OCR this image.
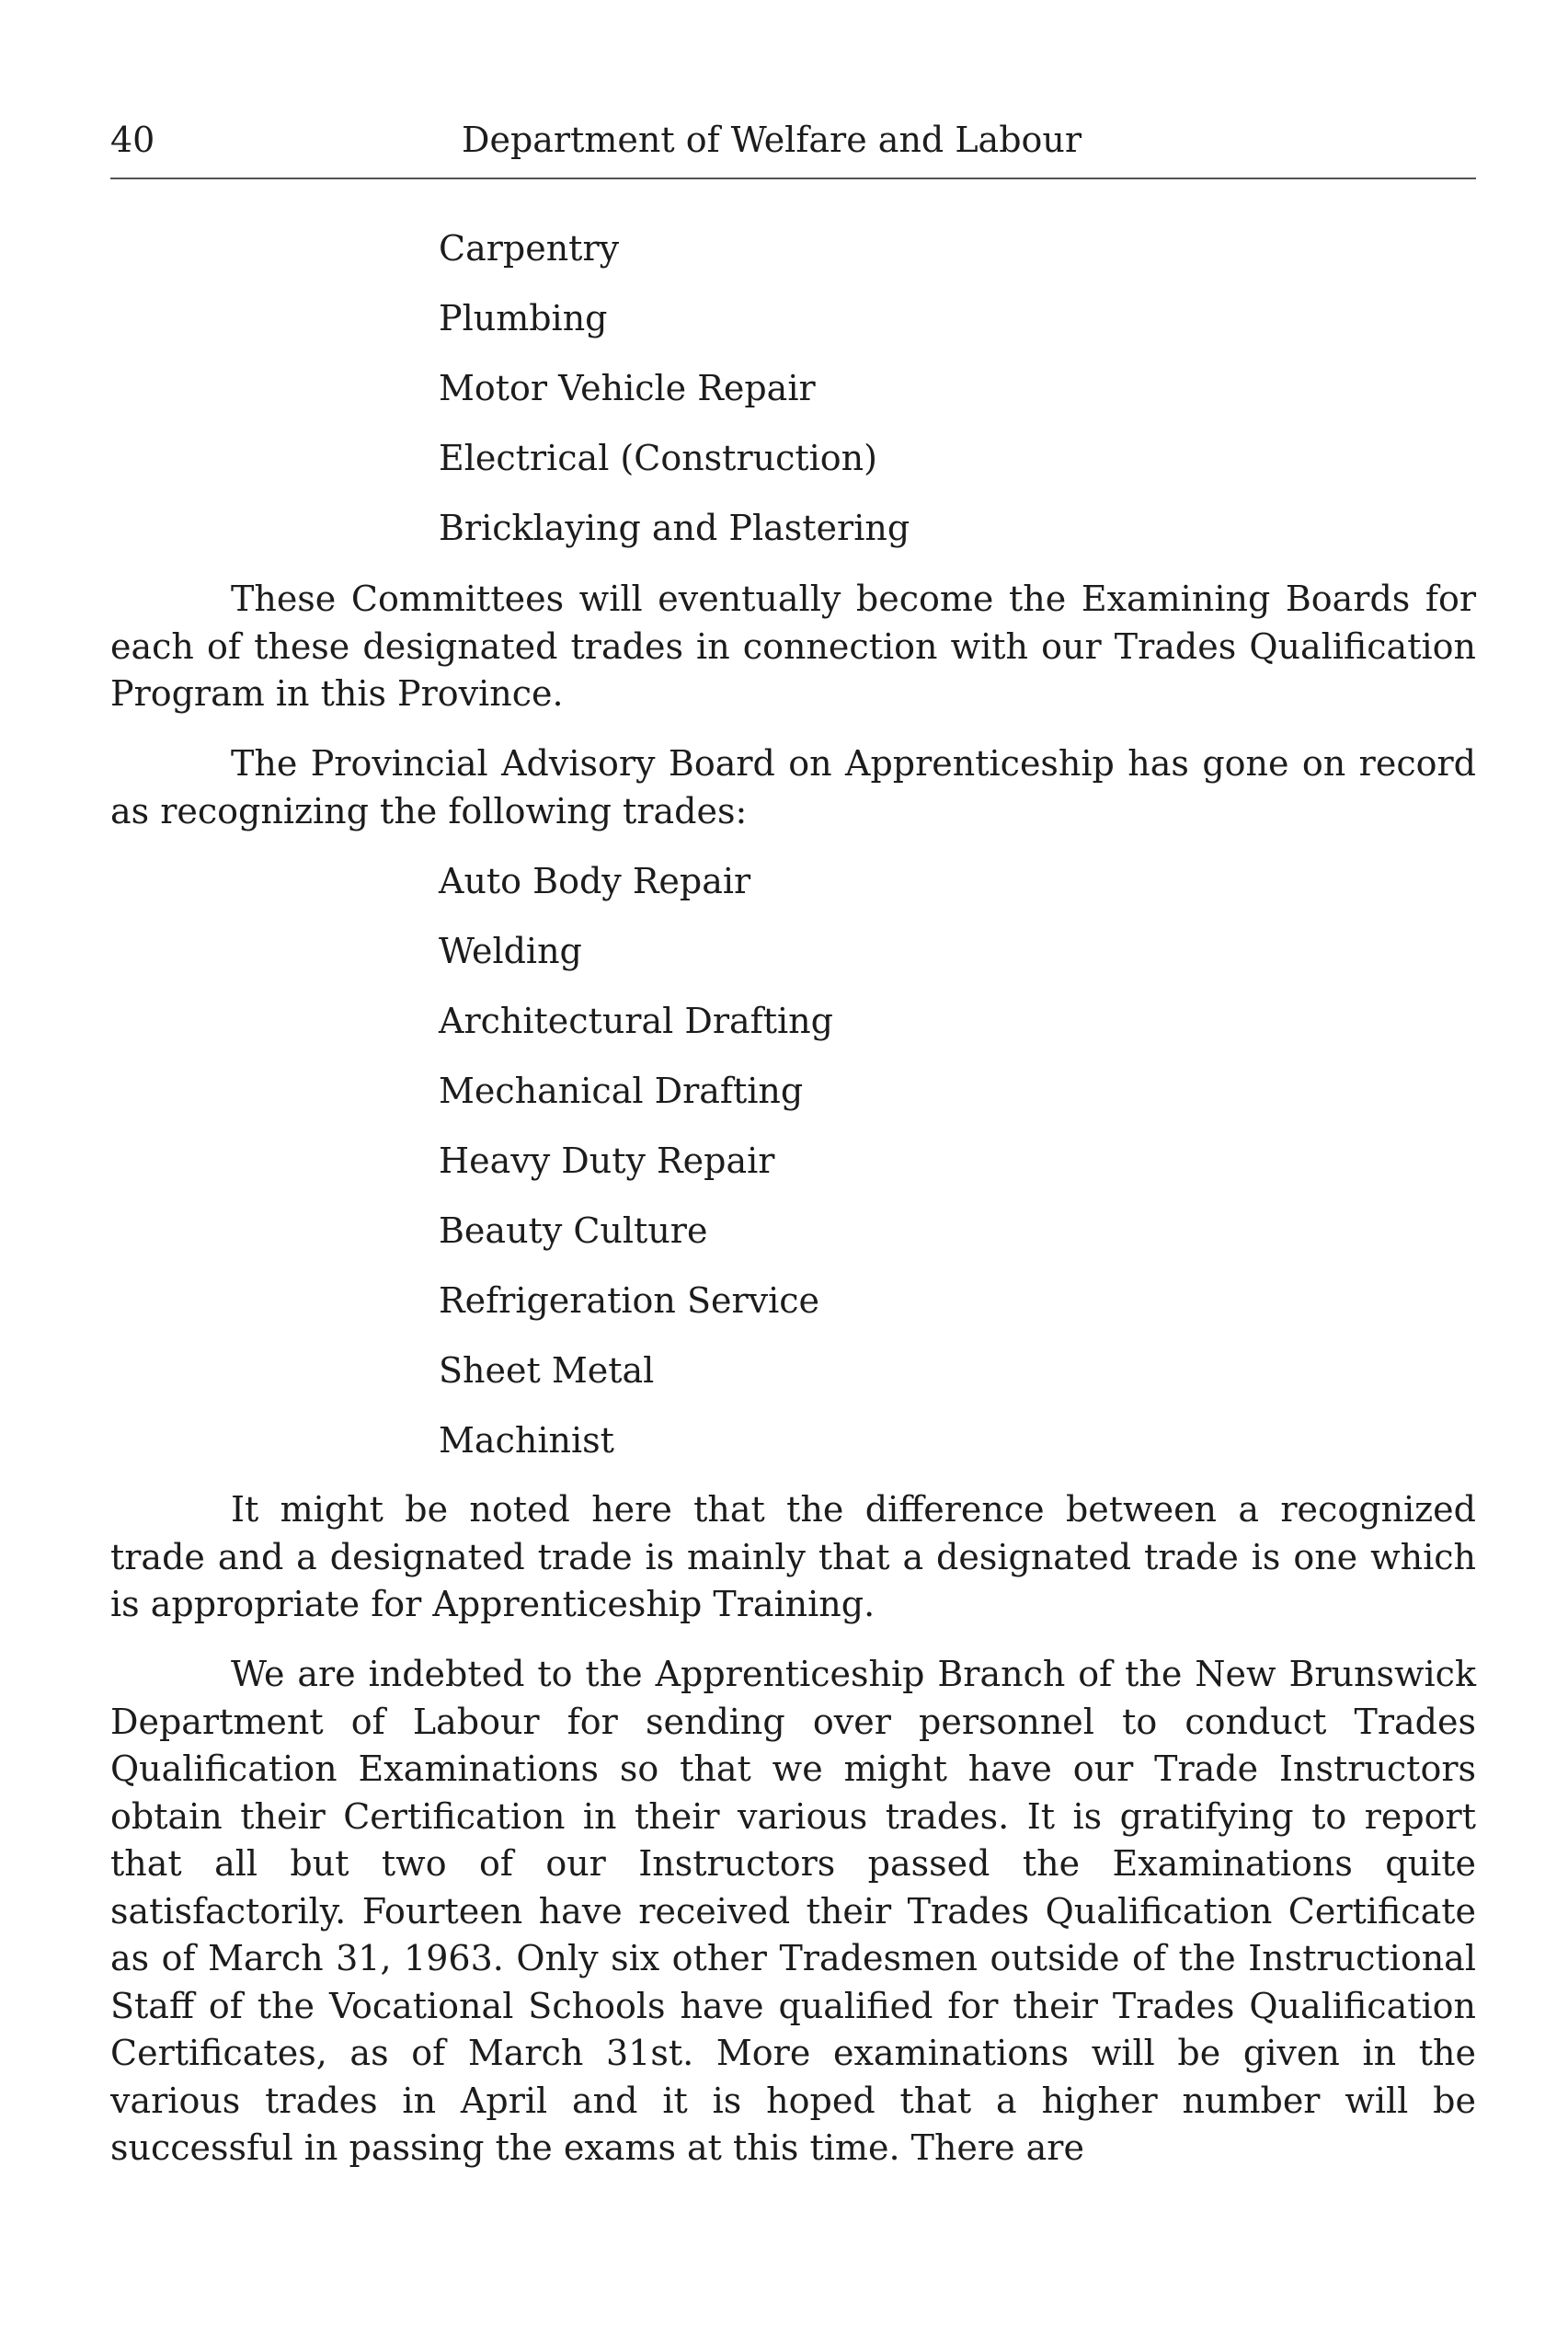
40	Department of Welfare and Labour
Carpentry
Plumbing
Motor Vehicle Repair
Electrical (Construction)
Bricklaying and Plastering

These Committees will eventually become the Examining Boards for each of these designated trades in connection with our Trades Qualification Program in this Province.

The Provincial Advisory Board on Apprenticeship has gone on record as recognizing the following trades:

Auto Body Repair
Welding
Architectural Drafting
Mechanical Drafting
Heavy Duty Repair
Beauty Culture
Refrigeration Service
Sheet Metal
Machinist

It might be noted here that the difference between a recognized trade and a designated trade is mainly that a designated trade is one which is appropriate for Apprenticeship Training.

We are indebted to the Apprenticeship Branch of the New Brunswick Department of Labour for sending over personnel to conduct Trades Qualification Examinations so that we might have our Trade Instructors obtain their Certification in their various trades. It is gratifying to report that all but two of our Instructors passed the Examinations quite satisfactorily. Fourteen have received their Trades Qualification Certificate as of March 31, 1963. Only six other Tradesmen outside of the Instructional Staff of the Vocational Schools have qualified for their Trades Qualification Certificates, as of March 31st. More examinations will be given in the various trades in April and it is hoped that a higher number will be successful in passing the exams at this time. There are
